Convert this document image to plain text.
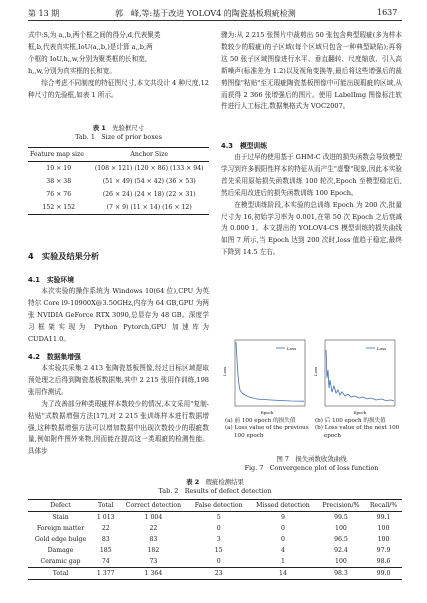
第 13 期	郭　峰,等:基于改进 YOLOV4 的陶瓷基板瑕疵检测	1637

式中:S,为 a,,b,两个框之间的得分,d,代表聚类

框,b,代表真实框,IoU(a,,b,)是计算 a,,b,两

个框的 IoU,h,,w,分别为聚类框的长和宽,

h,,w,分别为真实框的长和宽。

综合考虑不同制度的特征图尺寸,本文共设计 4 种尺度,12 种尺寸的先验框,如表 1 所示。

表 1　 先验框尺寸
Tab. 1　 Size of prior boxes
Feature map size	Anchor Size
19 × 19	(108 × 121) (120 × 86) (133 × 94)
38 × 38	(51 × 49) (54 × 42) (36 × 53)
76 × 76	(26 × 24) (24 × 18) (22 × 31)
152 × 152	(7 × 9) (11 × 14) (16 × 12)
4　实验及结果分析
4.1　实验环境

本次实验的操作系统为 Windows 10(64 位),CPU 为英特尔 Core i9-10900X@3.50GHz,内存为 64 GB,GPU 为两张 NVIDIA GeForce RTX 3090,总显存为 48 GB。深度学习框架实现为 Python Pytorch,GPU 加速库为 CUDA11.0。

4.2　数据集增强

本实验共采集 2 413 张陶瓷基板图像,经过目标区域提取预处理之后得到陶瓷基板数据集,其中 2 215 张用作训练,198 张用作测试。

为了改善部分种类瑕疵样本数较少的情况,本文采用"复制-粘贴"式数据增强方法[17],对 2 215 张训练样本进行数据增强,这种数据增强方法可以增加数据中出现次数较少的瑕疵数量,例如附件图外来物,因而能在提高这一类瑕疵的检测性能。具体步

骤为:从 2 215 张图片中裁剪出 50 张包含典型瑕疵(多为样本数较少的瑕疵)的子区域(每个区域只包含一种典型缺陷);再将这 50 张子区域图像进行水平、垂直翻转、尺度缩放、引入高斯噪声(标准差为 1.2)以及视角变换等,最后将这些增强后的裁剪图像"粘贴"至无瑕疵陶瓷基板图像中可能出现瑕疵的区域,从而获得 2 366 张增强后的图片。使用 LabelImg 图像标注软件进行人工标注,数据集格式为 VOC2007。

4.3　模型训练

由于过早的使用基于 GHM-C 改进的损失函数会导致模型学习到许多假阳性样本的特征从而产生"虚警"现象,因此本实验首先采用原始损失函数训练 100 轮次,Epoch 至模型稳定后,然后采用改进后的损失函数训练 100 Epoch。

在模型训练阶段,本实验的总训练 Epoch 为 200 次,批量尺寸为 16,初始学习率为 0.001,在第 50 次 Epoch 之后衰减为 0.000 1。本文提出的 YOLOV4-CS 模型训练的损失曲线如图 7 所示,当 Epoch 达到 200 次时,loss 值趋于稳定,最终下降到 14.5 左右。

Loss
Epoch
Loss
Loss
Epoch
Loss
(a) 前 100 epoch 的损失值
(a) Loss value of the previous
100 epoch
(b) 后 100 epoch 的损失值
(b) Loss value of the next 100
epoch
图 7　损失函数收敛曲线
Fig. 7　Convergence plot of loss function
表 2　 瑕疵检测结果
Tab. 2　 Results of defect detection
Defect	Total	Correct detection	False detection	Missed detection	Precision/%	Recall/%
Stain	1 013	1 004	5	9	99.5	99.1
Foreign matter	22	22	0	0	100	100
Gold edge bulge	83	83	3	0	96.5	100
Damage	185	182	15	4	92.4	97.9
Ceramic gap	74	73	0	1	100	98.6
Total	1 377	1 364	23	14	98.3	99.0
